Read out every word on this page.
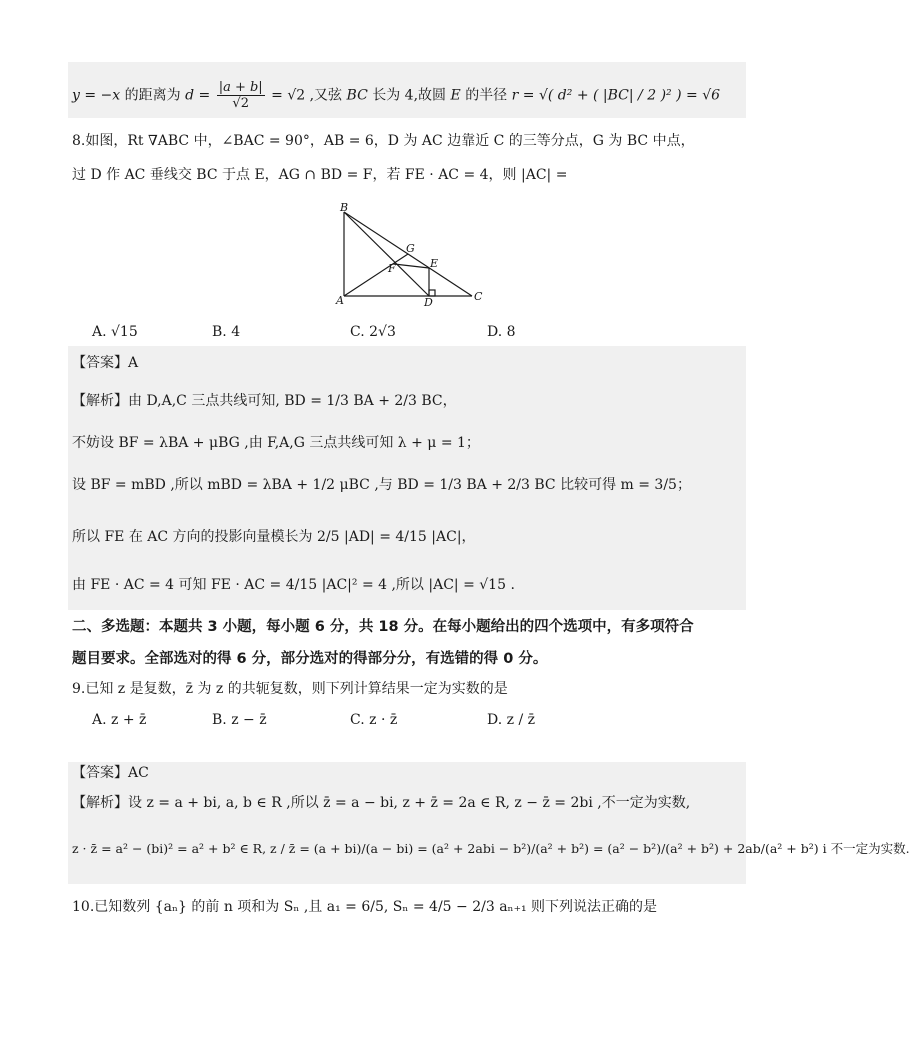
y = −x 的距离为 $d = \frac{|a + b|}{√2} = √2$ ,又弦 BC 长为 4,故圆 E 的半径 r = √( d² + ( |BC| / 2 )² ) = √6
8.如图，Rt ∇ABC 中，∠BAC = 90°，AB = 6，D 为 AC 边靠近 C 的三等分点，G 为 BC 中点，
过 D 作 AC 垂线交 BC 于点 E，AG ∩ BD = F，若 FE · AC = 4，则 |AC| =
B
G
F	E
A	D	C
A. √15	B. 4	C. 2√3	D. 8
【答案】A
【解析】由 D,A,C 三点共线可知, BD = 1/3 BA + 2/3 BC，
不妨设 BF = λBA + μBG ,由 F,A,G 三点共线可知 λ + μ = 1；
设 BF = mBD ,所以 mBD = λBA + 1/2 μBC ,与 BD = 1/3 BA + 2/3 BC 比较可得 m = 3/5；
所以 FE 在 AC 方向的投影向量模长为 2/5 |AD| = 4/15 |AC|，
由 FE · AC = 4 可知 FE · AC = 4/15 |AC|² = 4 ,所以 |AC| = √15 .
二、多选题：本题共 3 小题，每小题 6 分，共 18 分。在每小题给出的四个选项中，有多项符合
题目要求。全部选对的得 6 分，部分选对的得部分分，有选错的得 0 分。
9.已知 z 是复数，z̄ 为 z 的共轭复数，则下列计算结果一定为实数的是
A. z + z̄	B. z − z̄	C. z · z̄	D. z / z̄
【答案】AC
【解析】设 z = a + bi, a, b ∈ R ,所以 z̄ = a − bi, z + z̄ = 2a ∈ R, z − z̄ = 2bi ,不一定为实数,
z · z̄ = a² − (bi)² = a² + b² ∈ R, z / z̄ = (a + bi)/(a − bi) = (a² + 2abi − b²)/(a² + b²) = (a² − b²)/(a² + b²) + 2ab/(a² + b²) i 不一定为实数.
10.已知数列 {aₙ} 的前 n 项和为 Sₙ ,且 a₁ = 6/5, Sₙ = 4/5 − 2/3 aₙ₊₁ 则下列说法正确的是
